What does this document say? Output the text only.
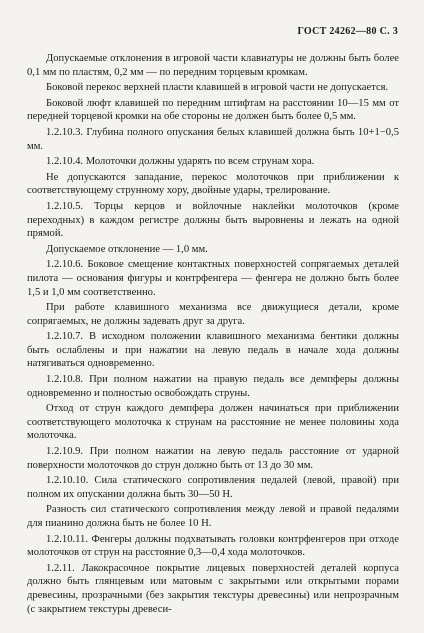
ГОСТ 24262—80 С. 3

Допускаемые отклонения в игровой части клавиатуры не должны быть более 0,1 мм по пластям, 0,2 мм — по передним торцевым кромкам.

Боковой перекос верхней пласти клавишей в игровой части не допускается.

Боковой люфт клавишей по передним штифтам на расстоянии 10—15 мм от передней торцевой кромки на обе стороны не должен быть более 0,5 мм.

1.2.10.3. Глубина полного опускания белых клавишей должна быть 10+1−0,5 мм.

1.2.10.4. Молоточки должны ударять по всем струнам хора.

Не допускаются западание, перекос молоточков при приближении к соответствующему струнному хору, двойные удары, трелирование.

1.2.10.5. Торцы керцов и войлочные наклейки молоточков (кроме переходных) в каждом регистре должны быть выровнены и лежать на одной прямой.

Допускаемое отклонение — 1,0 мм.

1.2.10.6. Боковое смещение контактных поверхностей сопрягаемых деталей пилота — основания фигуры и контрфенгера — фенгера не должно быть более 1,5 и 1,0 мм соответственно.

При работе клавишного механизма все движущиеся детали, кроме сопрягаемых, не должны задевать друг за друга.

1.2.10.7. В исходном положении клавишного механизма бентики должны быть ослаблены и при нажатии на левую педаль в начале хода должны натягиваться одновременно.

1.2.10.8. При полном нажатии на правую педаль все демпферы должны одновременно и полностью освобождать струны.

Отход от струн каждого демпфера должен начинаться при приближении соответствующего молоточка к струнам на расстояние не менее половины хода молоточка.

1.2.10.9. При полном нажатии на левую педаль расстояние от ударной поверхности молоточков до струн должно быть от 13 до 30 мм.

1.2.10.10. Сила статического сопротивления педалей (левой, правой) при полном их опускании должна быть 30—50 Н.

Разность сил статического сопротивления между левой и правой педалями для пианино должна быть не более 10 Н.

1.2.10.11. Фенгеры должны подхватывать головки контрфенгеров при отходе молоточков от струн на расстояние 0,3—0,4 хода молоточков.

1.2.11. Лакокрасочное покрытие лицевых поверхностей деталей корпуса должно быть глянцевым или матовым с закрытыми или открытыми порами древесины, прозрачными (без закрытия текстуры древесины) или непрозрачным (с закрытием текстуры древеси-
